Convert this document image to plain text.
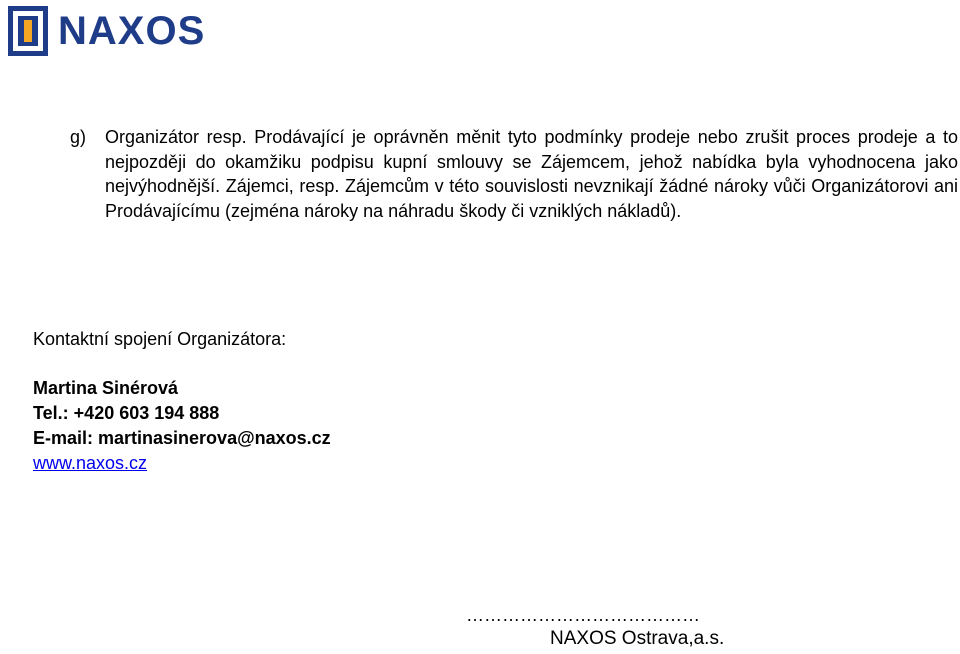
NAXOS
g) Organizátor resp. Prodávající je oprávněn měnit tyto podmínky prodeje nebo zrušit proces prodeje a to nejpozději do okamžiku podpisu kupní smlouvy se Zájemcem, jehož nabídka byla vyhodnocena jako nejvýhodnější. Zájemci, resp. Zájemcům v této souvislosti nevznikají žádné nároky vůči Organizátorovi ani Prodávajícímu (zejména nároky na náhradu škody či vzniklých nákladů).
Kontaktní spojení Organizátora:
Martina Sinérová
Tel.: +420 603 194 888
E-mail: martinasinerova@naxos.cz
www.naxos.cz
…………………………………
NAXOS Ostrava,a.s.
